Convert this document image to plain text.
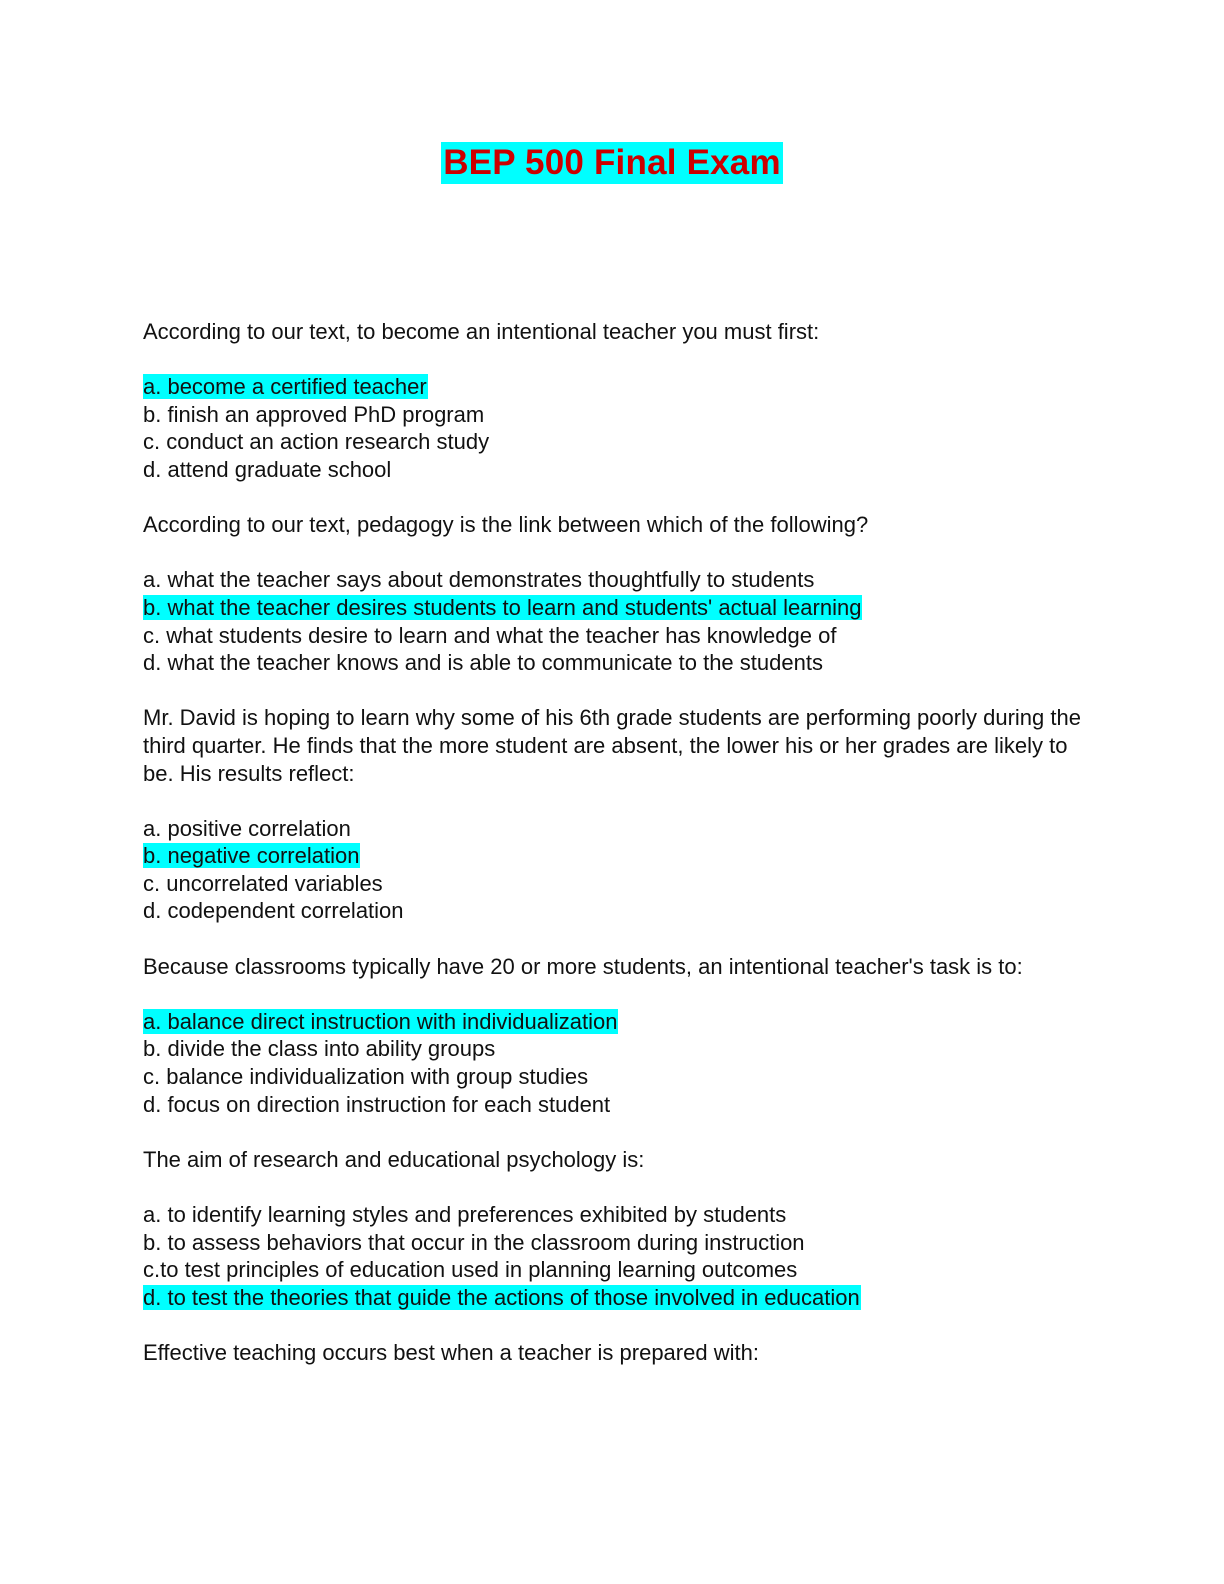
BEP 500 Final Exam

According to our text, to become an intentional teacher you must first:

a. become a certified teacher
b. finish an approved PhD program
c. conduct an action research study
d. attend graduate school

According to our text, pedagogy is the link between which of the following?

a. what the teacher says about demonstrates thoughtfully to students
b. what the teacher desires students to learn and students' actual learning
c. what students desire to learn and what the teacher has knowledge of
d. what the teacher knows and is able to communicate to the students

Mr. David is hoping to learn why some of his 6th grade students are performing poorly during the third quarter. He finds that the more student are absent, the lower his or her grades are likely to be. His results reflect:

a. positive correlation
b. negative correlation
c. uncorrelated variables
d. codependent correlation

Because classrooms typically have 20 or more students, an intentional teacher's task is to:

a. balance direct instruction with individualization
b. divide the class into ability groups
c. balance individualization with group studies
d. focus on direction instruction for each student

The aim of research and educational psychology is:

a. to identify learning styles and preferences exhibited by students
b. to assess behaviors that occur in the classroom during instruction
c.to test principles of education used in planning learning outcomes
d. to test the theories that guide the actions of those involved in education

Effective teaching occurs best when a teacher is prepared with:
